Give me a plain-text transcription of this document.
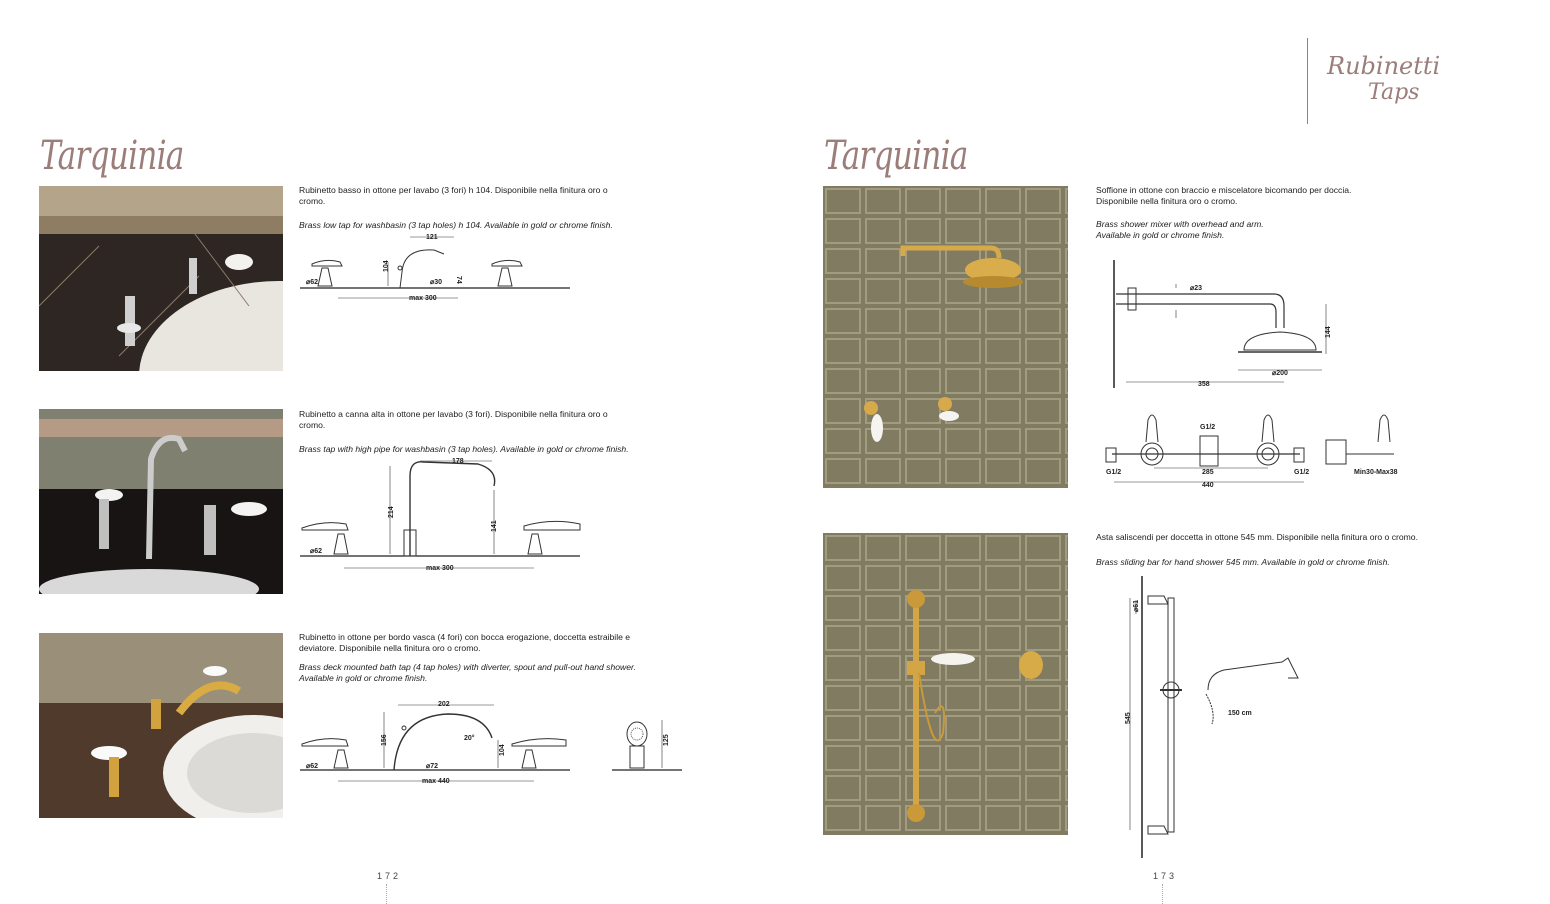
Rubinetti
Taps
Tarquinia
Rubinetto basso in ottone per lavabo (3 fori) h 104. Disponibile nella finitura oro o cromo.
Brass low tap for washbasin (3 tap holes) h 104. Available in gold or chrome finish.
121
104
74
⌀30
⌀62
max 300
Rubinetto a canna alta in ottone per lavabo (3 fori). Disponibile nella finitura oro o cromo.
Brass tap with high pipe for washbasin (3 tap holes). Available in gold or chrome finish.
178
214
141
⌀62
max 300
Rubinetto in ottone per bordo vasca (4 fori) con bocca erogazione, doccetta estraibile e
deviatore. Disponibile nella finitura oro o cromo.
Brass deck mounted bath tap (4 tap holes) with diverter, spout and pull-out hand shower.
Available in gold or chrome finish.
202
156
104
20°
⌀72
⌀62
max 440
125
172
Tarquinia
Soffione in ottone con braccio e miscelatore bicomando per doccia.
Disponibile nella finitura oro o cromo.
Brass shower mixer with overhead and arm.
Available in gold or chrome finish.
⌀23
144
⌀200
358
G1/2
G1/2	G1/2
285
440
Min30-Max38
Asta saliscendi per doccetta in ottone 545 mm. Disponibile nella finitura oro o cromo.
Brass sliding bar for hand shower 545 mm. Available in gold or chrome finish.
⌀61
545	150 cm
173
